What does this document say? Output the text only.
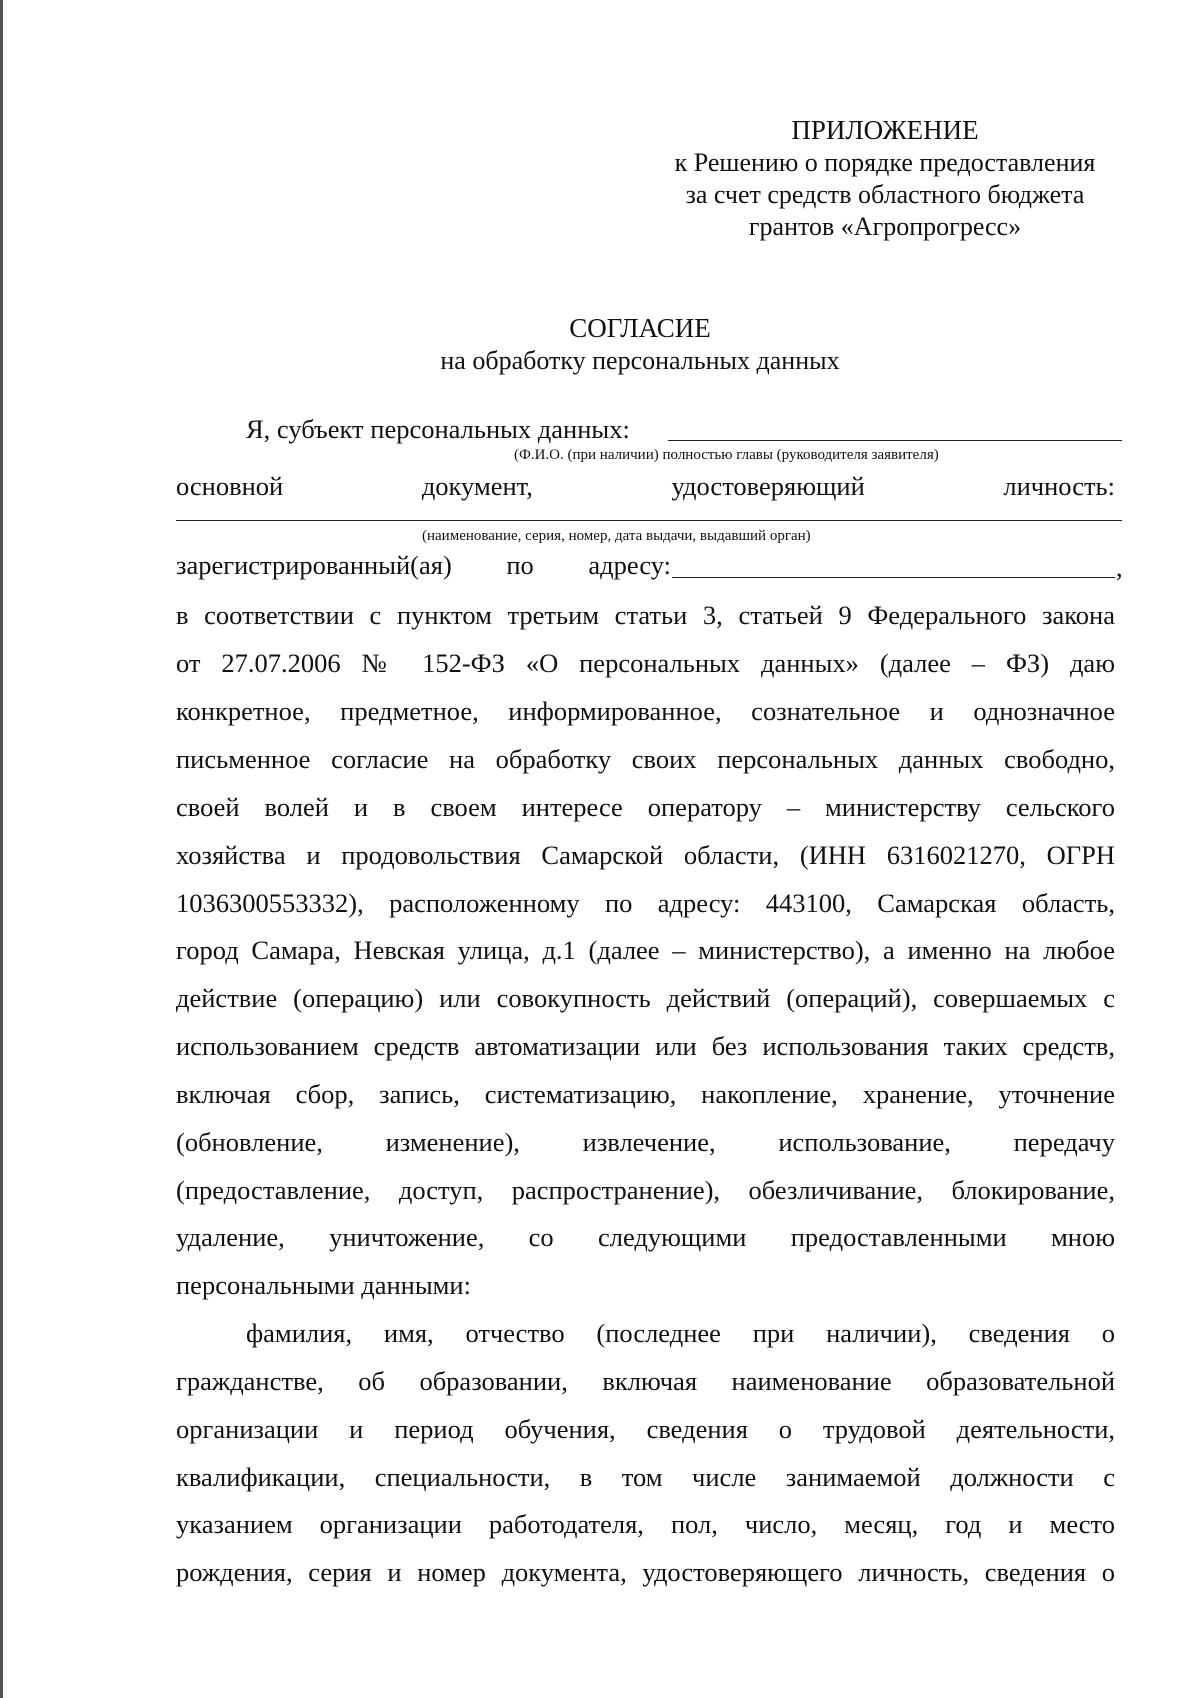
ПРИЛОЖЕНИЕ
к Решению о порядке предоставления
за счет средств областного бюджета
грантов «Агропрогресс»
СОГЛАСИЕ
на обработку персональных данных
Я, субъект персональных данных:
(Ф.И.О. (при наличии) полностью главы (руководителя заявителя)
основной	документ,	удостоверяющий	личность:
(наименование, серия, номер, дата выдачи, выдавший орган)
зарегистрированный(ая) по адресу:	,
в соответствии с пунктом третьим статьи 3, статьей 9 Федерального закона
от 27.07.2006 № 152-ФЗ «О персональных данных» (далее – ФЗ) даю
конкретное, предметное, информированное, сознательное и однозначное
письменное согласие на обработку своих персональных данных свободно,
своей волей и в своем интересе оператору – министерству сельского
хозяйства и продовольствия Самарской области, (ИНН 6316021270, ОГРН
1036300553332), расположенному по адресу: 443100, Самарская область,
город Самара, Невская улица, д.1 (далее – министерство), а именно на любое
действие (операцию) или совокупность действий (операций), совершаемых с
использованием средств автоматизации или без использования таких средств,
включая сбор, запись, систематизацию, накопление, хранение, уточнение
(обновление, изменение), извлечение, использование, передачу
(предоставление, доступ, распространение), обезличивание, блокирование,
удаление, уничтожение, со следующими предоставленными мною
персональными данными:
фамилия, имя, отчество (последнее при наличии), сведения о
гражданстве, об образовании, включая наименование образовательной
организации и период обучения, сведения о трудовой деятельности,
квалификации, специальности, в том числе занимаемой должности с
указанием организации работодателя, пол, число, месяц, год и место
рождения, серия и номер документа, удостоверяющего личность, сведения о
